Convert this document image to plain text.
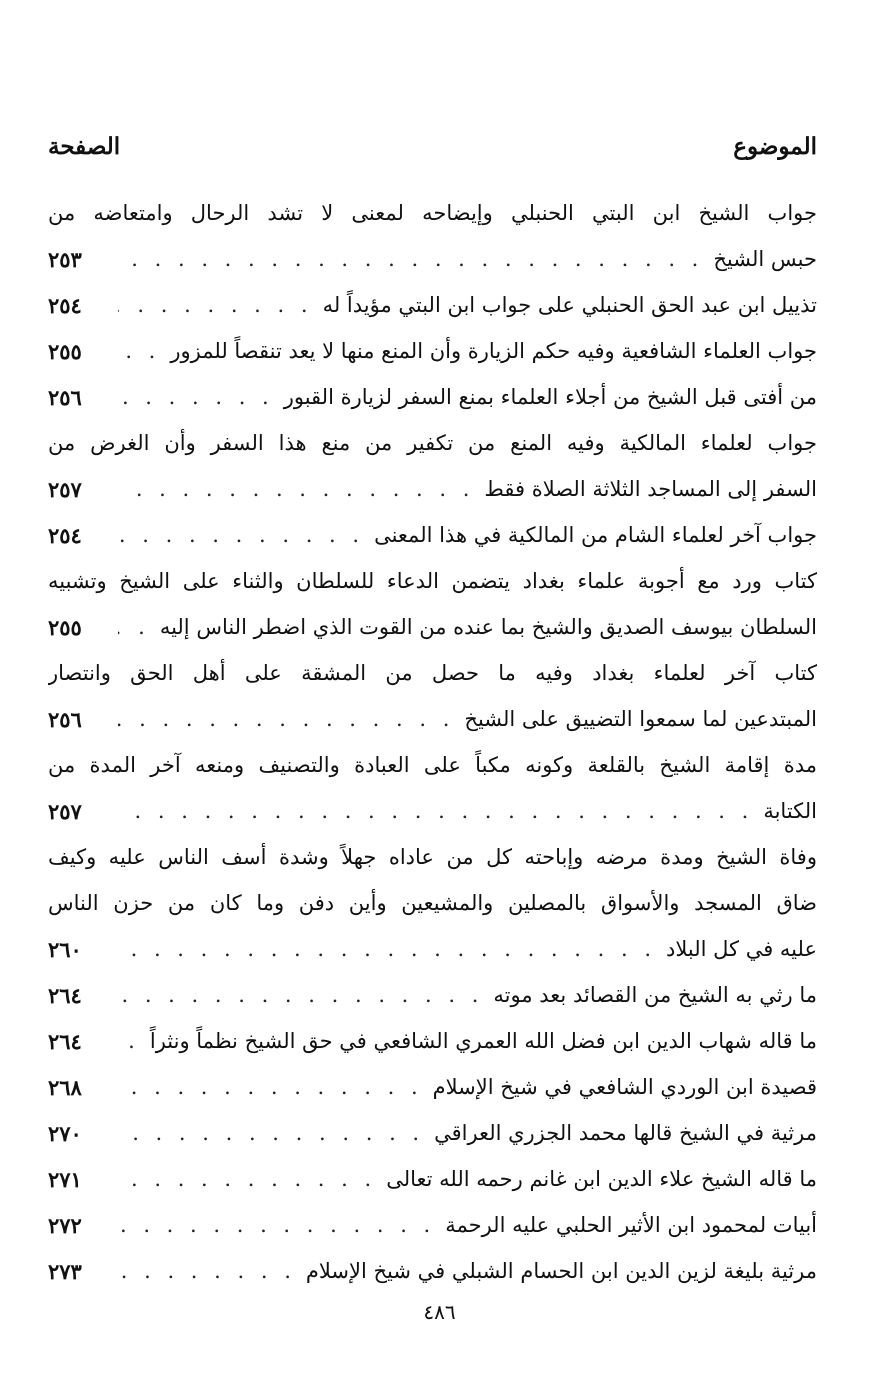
الموضوع
الصفحة
جواب الشيخ ابن البتي الحنبلي وإيضاحه لمعنى لا تشد الرحال وامتعاضه من
حبس الشيخ
. . .
٢٥٣
تذييل ابن عبد الحق الحنبلي على جواب ابن البتي مؤيداً له
. . .
٢٥٤
جواب العلماء الشافعية وفيه حكم الزيارة وأن المنع منها لا يعد تنقصاً للمزور
. . .
٢٥٥
من أفتى قبل الشيخ من أجلاء العلماء بمنع السفر لزيارة القبور
. . .
٢٥٦
جواب لعلماء المالكية وفيه المنع من تكفير من منع هذا السفر وأن الغرض من
السفر إلى المساجد الثلاثة الصلاة فقط
. . .
٢٥٧
جواب آخر لعلماء الشام من المالكية في هذا المعنى
. . .
٢٥٤
كتاب ورد مع أجوبة علماء بغداد يتضمن الدعاء للسلطان والثناء على الشيخ وتشبيه
السلطان بيوسف الصديق والشيخ بما عنده من القوت الذي اضطر الناس إليه
. . .
٢٥٥
كتاب آخر لعلماء بغداد وفيه ما حصل من المشقة على أهل الحق وانتصار
المبتدعين لما سمعوا التضييق على الشيخ
. . .
٢٥٦
مدة إقامة الشيخ بالقلعة وكونه مكباً على العبادة والتصنيف ومنعه آخر المدة من
الكتابة
. . .
٢٥٧
وفاة الشيخ ومدة مرضه وإباحته كل من عاداه جهلاً وشدة أسف الناس عليه وكيف
ضاق المسجد والأسواق بالمصلين والمشيعين وأين دفن وما كان من حزن الناس
عليه في كل البلاد
. . .
٢٦٠
ما رثي به الشيخ من القصائد بعد موته
. . .
٢٦٤
ما قاله شهاب الدين ابن فضل الله العمري الشافعي في حق الشيخ نظماً ونثراً
. . .
٢٦٤
قصيدة ابن الوردي الشافعي في شيخ الإسلام
. . .
٢٦٨
مرثية في الشيخ قالها محمد الجزري العراقي
. . .
٢٧٠
ما قاله الشيخ علاء الدين ابن غانم رحمه الله تعالى
. . .
٢٧١
أبيات لمحمود ابن الأثير الحلبي عليه الرحمة
. . .
٢٧٢
مرثية بليغة لزين الدين ابن الحسام الشبلي في شيخ الإسلام
. . .
٢٧٣
٤٨٦
